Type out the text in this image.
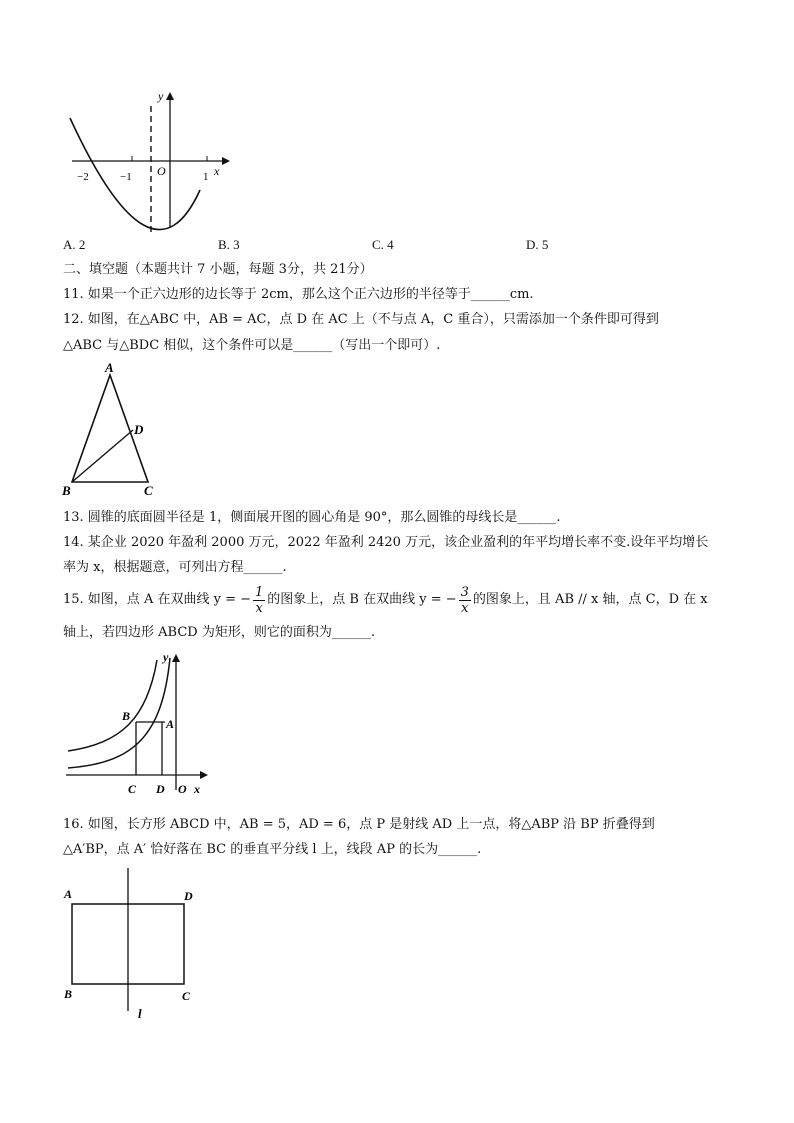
y
x
O
−2	−1	1
A. 2	B. 3	C. 4	D. 5
二、填空题（本题共计 7 小题，每题 3分，共 21分）
11. 如果一个正六边形的边长等于 2cm，那么这个正六边形的半径等于______cm.
12. 如图，在△ABC 中，AB = AC，点 D 在 AC 上（不与点 A，C 重合），只需添加一个条件即可得到
△ABC 与△BDC 相似，这个条件可以是______（写出一个即可）.
A
B	C
D
13. 圆锥的底面圆半径是 1，侧面展开图的圆心角是 90°，那么圆锥的母线长是______.
14. 某企业 2020 年盈利 2000 万元，2022 年盈利 2420 万元，该企业盈利的年平均增长率不变.设年平均增长
率为 x，根据题意，可列出方程______.
15. 如图，点 A 在双曲线 y = − $\frac{1}{x}$ 的图象上，点 B 在双曲线 y = − $\frac{3}{x}$ 的图象上，且 AB // x 轴，点 C，D 在 x
轴上，若四边形 ABCD 为矩形，则它的面积为______.
y
B
A
C D O x
16. 如图，长方形 ABCD 中，AB = 5，AD = 6，点 P 是射线 AD 上一点，将△ABP 沿 BP 折叠得到
△A′BP，点 A′ 恰好落在 BC 的垂直平分线 l 上，线段 AP 的长为______.
A	D
B	C
l
